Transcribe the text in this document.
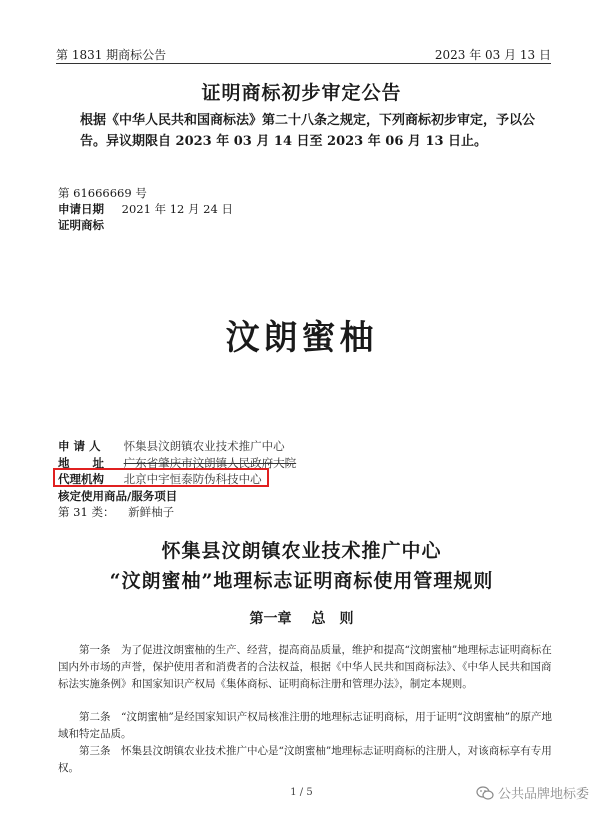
第 1831 期商标公告	2023 年 03 月 13 日
证明商标初步审定公告
根据《中华人民共和国商标法》第二十八条之规定，下列商标初步审定，予以公告。异议期限自 2023 年 03 月 14 日至 2023 年 06 月 13 日止。
第 61666669 号
申请日期 2021 年 12 月 24 日
证明商标
汶朗蜜柚
申 请 人 怀集县汶朗镇农业技术推广中心
地　　址 广东省肇庆市汶朗镇人民政府大院
代理机构 北京中宇恒泰防伪科技中心
核定使用商品/服务项目
第 31 类： 新鲜柚子
怀集县汶朗镇农业技术推广中心
“汶朗蜜柚”地理标志证明商标使用管理规则
第一章 总　则
第一条　为了促进汶朗蜜柚的生产、经营，提高商品质量，维护和提高“汶朗蜜柚”地理标志证明商标在国内外市场的声誉，保护使用者和消费者的合法权益，根据《中华人民共和国商标法》、《中华人民共和国商标法实施条例》和国家知识产权局《集体商标、证明商标注册和管理办法》，制定本规则。
第二条　“汶朗蜜柚”是经国家知识产权局核准注册的地理标志证明商标，用于证明“汶朗蜜柚”的原产地域和特定品质。
第三条　怀集县汶朗镇农业技术推广中心是“汶朗蜜柚”地理标志证明商标的注册人，对该商标享有专用权。
1 / 5	公共品牌地标委
